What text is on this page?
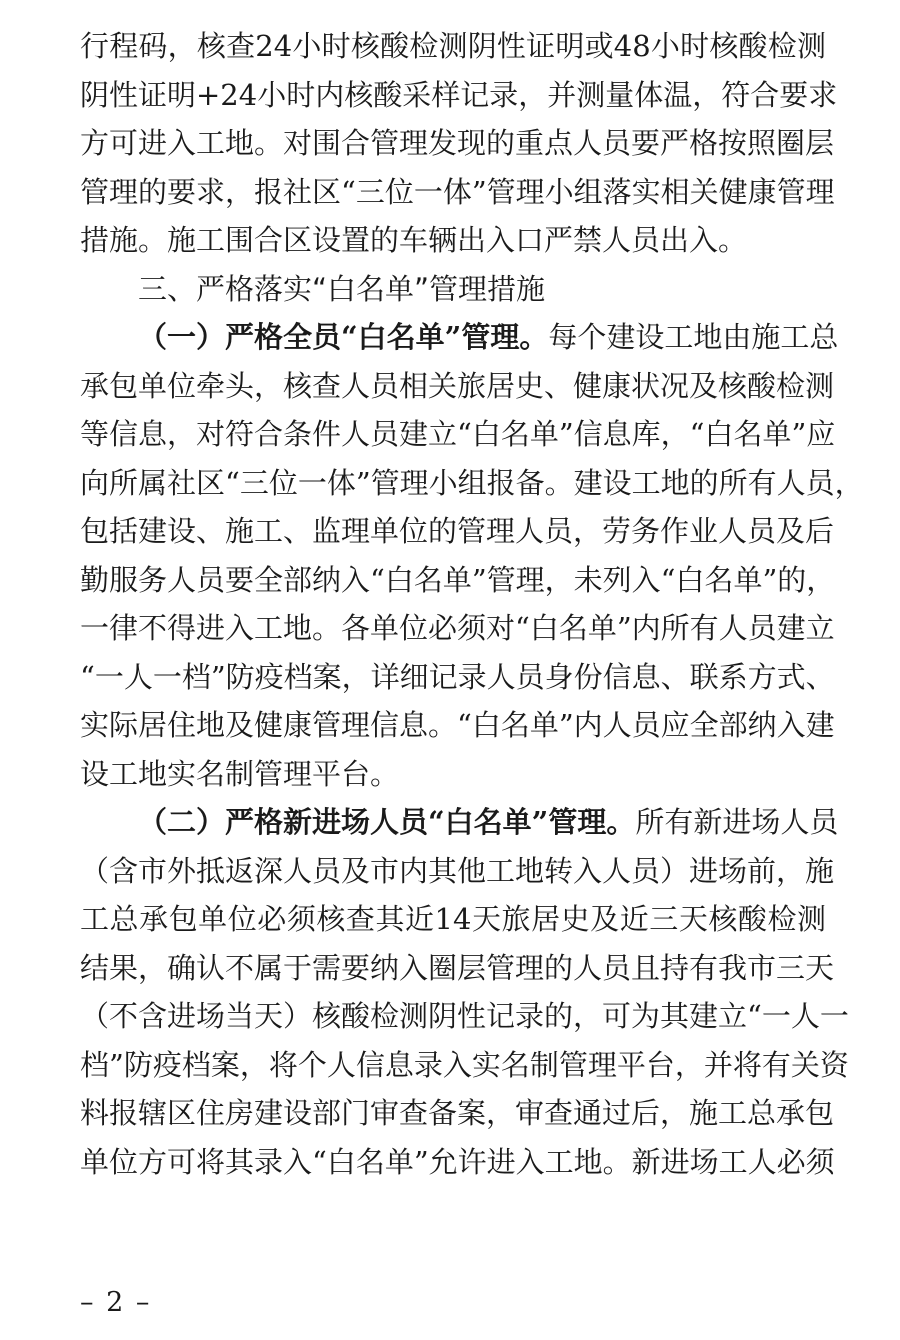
行程码，核查24小时核酸检测阴性证明或48小时核酸检测
阴性证明+24小时内核酸采样记录，并测量体温，符合要求
方可进入工地。对围合管理发现的重点人员要严格按照圈层
管理的要求，报社区“三位一体”管理小组落实相关健康管理
措施。施工围合区设置的车辆出入口严禁人员出入。
三、严格落实“白名单”管理措施
（一）严格全员“白名单”管理。每个建设工地由施工总
承包单位牵头，核查人员相关旅居史、健康状况及核酸检测
等信息，对符合条件人员建立“白名单”信息库，“白名单”应
向所属社区“三位一体”管理小组报备。建设工地的所有人员，
包括建设、施工、监理单位的管理人员，劳务作业人员及后
勤服务人员要全部纳入“白名单”管理，未列入“白名单”的，
一律不得进入工地。各单位必须对“白名单”内所有人员建立
“一人一档”防疫档案，详细记录人员身份信息、联系方式、
实际居住地及健康管理信息。“白名单”内人员应全部纳入建
设工地实名制管理平台。
（二）严格新进场人员“白名单”管理。所有新进场人员
（含市外抵返深人员及市内其他工地转入人员）进场前，施
工总承包单位必须核查其近14天旅居史及近三天核酸检测
结果，确认不属于需要纳入圈层管理的人员且持有我市三天
（不含进场当天）核酸检测阴性记录的，可为其建立“一人一
档”防疫档案，将个人信息录入实名制管理平台，并将有关资
料报辖区住房建设部门审查备案，审查通过后，施工总承包
单位方可将其录入“白名单”允许进入工地。新进场工人必须
– 2 –
